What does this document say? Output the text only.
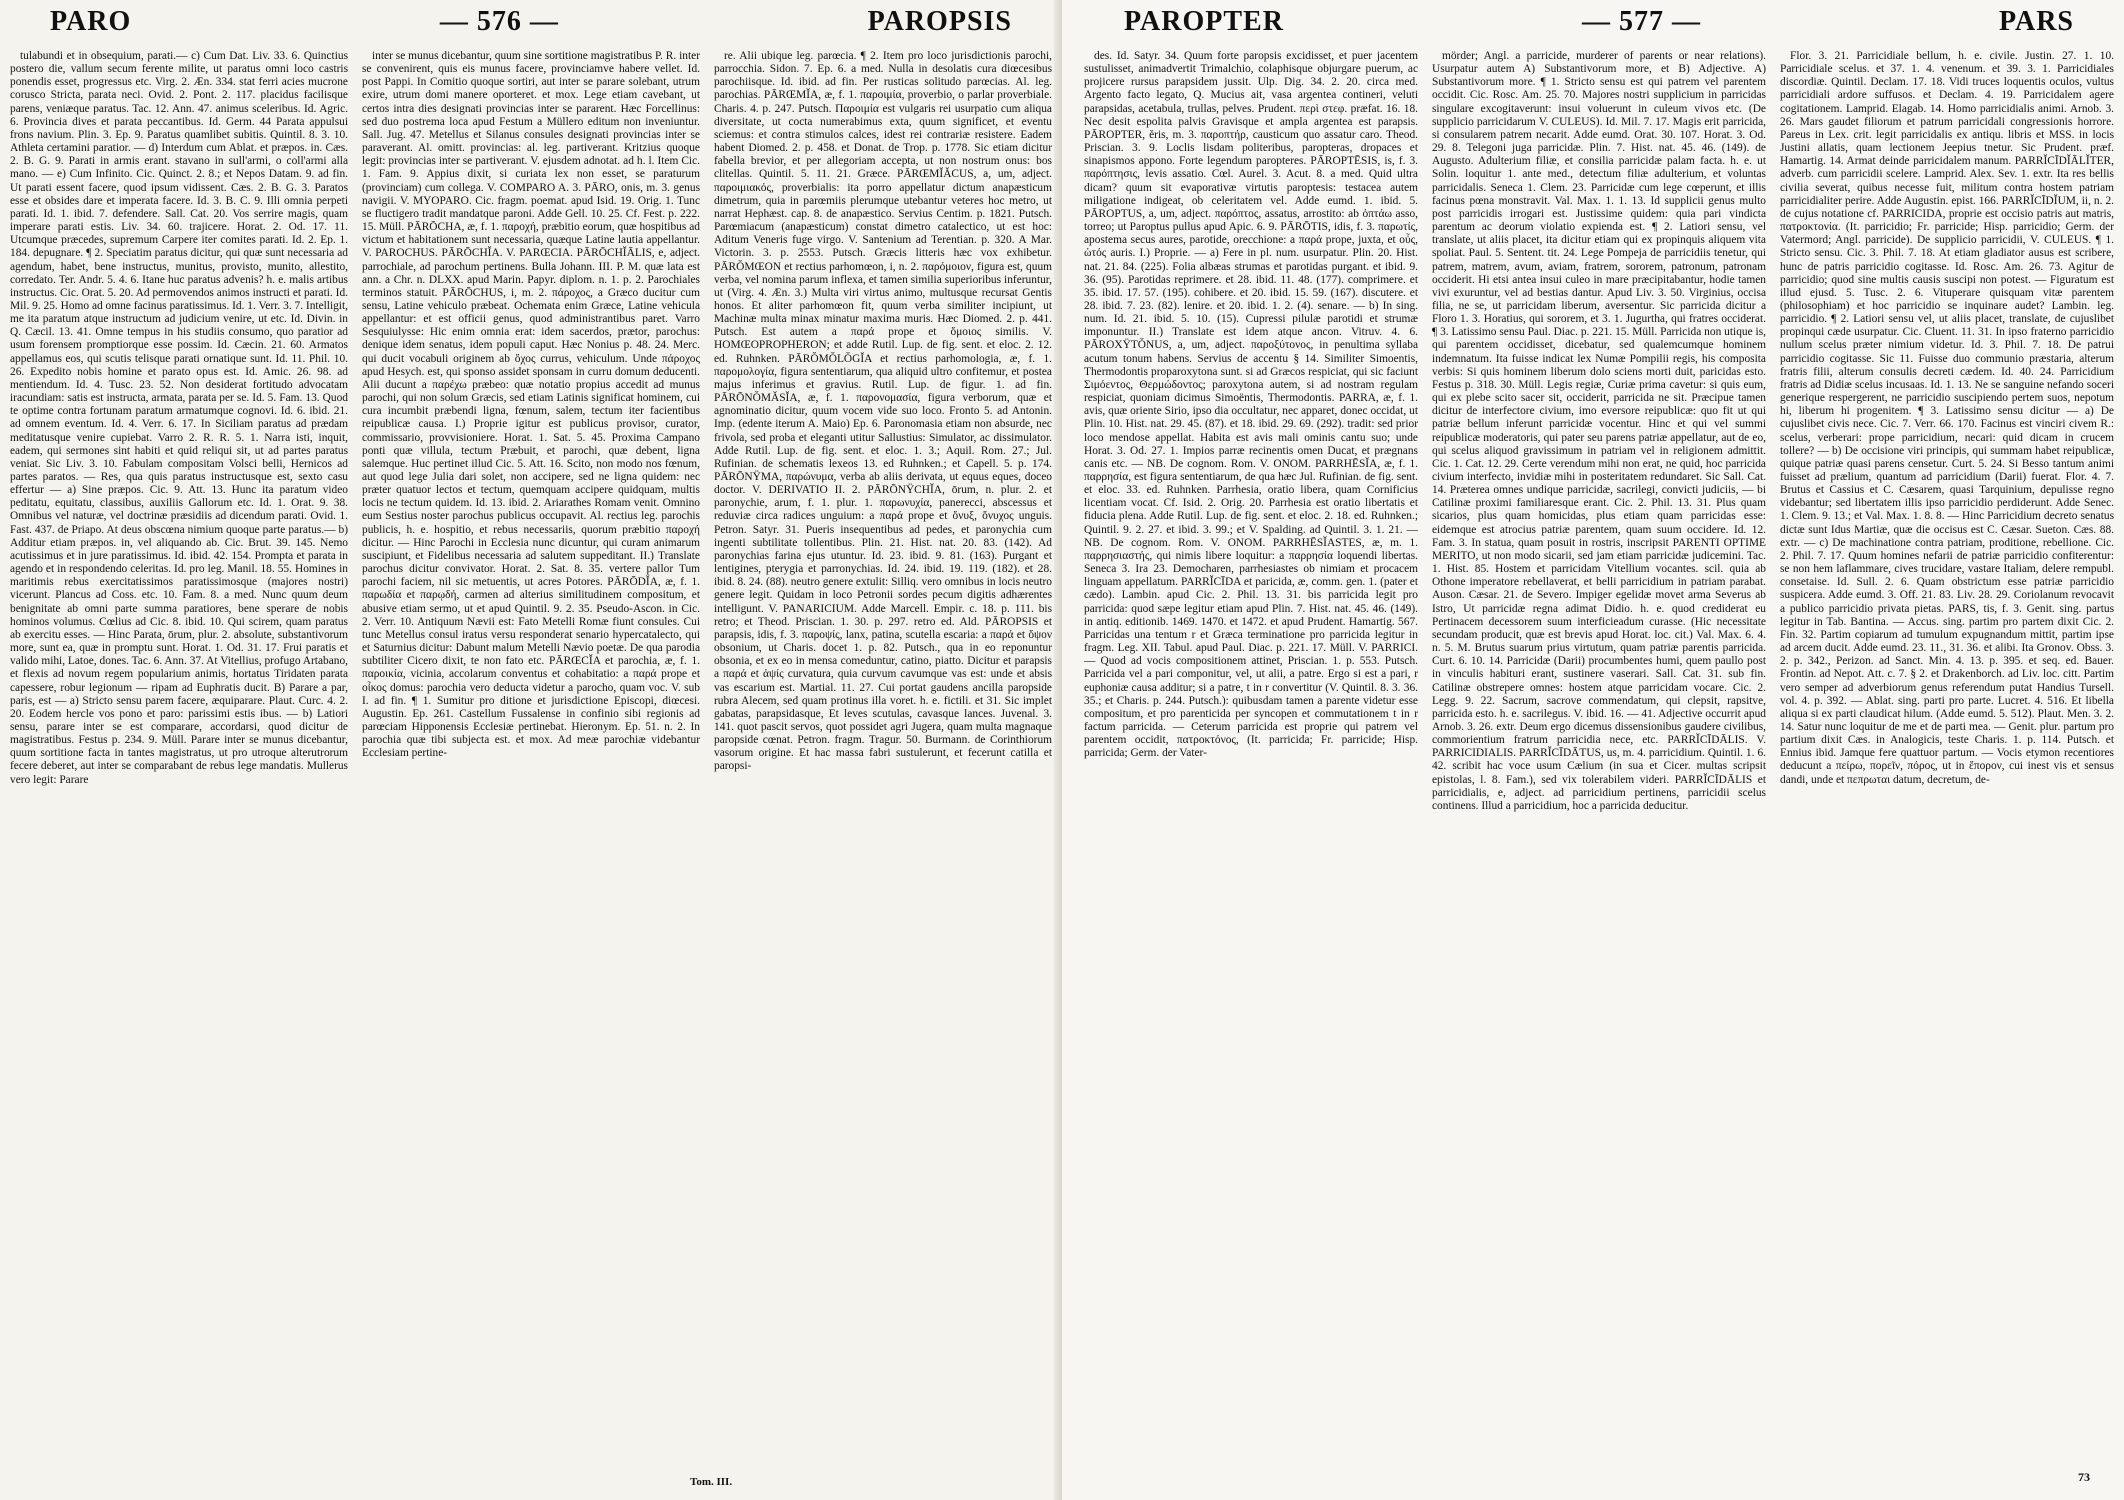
PARO	— 576 —	PAROPSIS

tulabundi et in obsequium, parati.— c) Cum Dat. Liv. 33. 6. Quinctius postero die, vallum secum ferente milite, ut paratus omni loco castris ponendis esset, progressus etc. Virg. 2. Æn. 334. stat ferri acies mucrone corusco Stricta, parata neci. Ovid. 2. Pont. 2. 117. placidus facilisque parens, veniæque paratus. Tac. 12. Ann. 47. animus sceleribus. Id. Agric. 6. Provincia dives et parata peccantibus. Id. Germ. 44 Parata appulsui frons navium. Plin. 3. Ep. 9. Paratus quamlibet subitis. Quintil. 8. 3. 10. Athleta certamini paratior. — d) Interdum cum Ablat. et præpos. in. Cæs. 2. B. G. 9. Parati in armis erant. stavano in sull'armi, o coll'armi alla mano. — e) Cum Infinito. Cic. Quinct. 2. 8.; et Nepos Datam. 9. ad fin. Ut parati essent facere, quod ipsum vidissent. Cæs. 2. B. G. 3. Paratos esse et obsides dare et imperata facere. Id. 3. B. C. 9. Illi omnia perpeti parati. Id. 1. ibid. 7. defendere. Sall. Cat. 20. Vos serrire magis, quam imperare parati estis. Liv. 34. 60. trajicere. Horat. 2. Od. 17. 11. Utcumque præcedes, supremum Carpere iter comites parati. Id. 2. Ep. 1. 184. depugnare. ¶ 2. Speciatim paratus dicitur, qui quæ sunt necessaria ad agendum, habet, bene instructus, munitus, provisto, munito, allestito, corredato. Ter. Andr. 5. 4. 6. Itane huc paratus advenis? h. e. malis artibus instructus. Cic. Orat. 5. 20. Ad permovendos animos instructi et parati. Id. Mil. 9. 25. Homo ad omne facinus paratissimus. Id. 1. Verr. 3. 7. Intelligit, me ita paratum atque instructum ad judicium venire, ut etc. Id. Divin. in Q. Cæcil. 13. 41. Omne tempus in his studiis consumo, quo paratior ad usum forensem promptiorque esse possim. Id. Cæcin. 21. 60. Armatos appellamus eos, qui scutis telisque parati ornatique sunt. Id. 11. Phil. 10. 26. Expedito nobis homine et parato opus est. Id. Amic. 26. 98. ad mentiendum. Id. 4. Tusc. 23. 52. Non desiderat fortitudo advocatam iracundiam: satis est instructa, armata, parata per se. Id. 5. Fam. 13. Quod te optime contra fortunam paratum armatumque cognovi. Id. 6. ibid. 21. ad omnem eventum. Id. 4. Verr. 6. 17. In Siciliam paratus ad prædam meditatusque venire cupiebat. Varro 2. R. R. 5. 1. Narra isti, inquit, eadem, qui sermones sint habiti et quid reliqui sit, ut ad partes paratus veniat. Sic Liv. 3. 10. Fabulam compositam Volsci belli, Hernicos ad partes paratos. — Res, qua quis paratus instructusque est, sexto casu effertur — a) Sine præpos. Cic. 9. Att. 13. Hunc ita paratum video peditatu, equitatu, classibus, auxiliis Gallorum etc. Id. 1. Orat. 9. 38. Omnibus vel naturæ, vel doctrinæ præsidiis ad dicendum parati. Ovid. 1. Fast. 437. de Priapo. At deus obscœna nimium quoque parte paratus.— b) Additur etiam præpos. in, vel aliquando ab. Cic. Brut. 39. 145. Nemo acutissimus et in jure paratissimus. Id. ibid. 42. 154. Prompta et parata in agendo et in respondendo celeritas. Id. pro leg. Manil. 18. 55. Homines in maritimis rebus exercitatissimos paratissimosque (majores nostri) vicerunt. Plancus ad Coss. etc. 10. Fam. 8. a med. Nunc quum deum benignitate ab omni parte summa paratiores, bene sperare de nobis hominos volumus. Cœlius ad Cic. 8. ibid. 10. Qui scirem, quam paratus ab exercitu esses. — Hinc Parata, ōrum, plur. 2. absolute, substantivorum more, sunt ea, quæ in promptu sunt. Horat. 1. Od. 31. 17. Frui paratis et valido mihi, Latoe, dones. Tac. 6. Ann. 37. At Vitellius, profugo Artabano, et flexis ad novum regem popularium animis, hortatus Tiridaten parata capessere, robur legionum — ripam ad Euphratis ducit. B) Parare a par, paris, est — a) Stricto sensu parem facere, æquiparare. Plaut. Curc. 4. 2. 20. Eodem hercle vos pono et paro: parissimi estis ibus. — b) Latiori sensu, parare inter se est comparare, accordarsi, quod dicitur de magistratibus. Festus p. 234. 9. Müll. Parare inter se munus dicebantur, quum sortitione facta in tantes magistratus, ut pro utroque alterutrorum fecere deberet, aut inter se comparabant de rebus lege mandatis. Mullerus vero legit: Parare

inter se munus dicebantur, quum sine sortitione magistratibus P. R. inter se convenirent, quis eis munus facere, provinciamve habere vellet. Id. post Pappi. In Comitio quoque sortiri, aut inter se parare solebant, utrum exire, utrum domi manere oporteret. et mox. Lege etiam cavebant, ut certos intra dies designati provincias inter se pararent. Hæc Forcellinus: sed duo postrema loca apud Festum a Müllero editum non inveniuntur. Sall. Jug. 47. Metellus et Silanus consules designati provincias inter se paraverant. Al. omitt. provincias: al. leg. partiverant. Kritzius quoque legit: provincias inter se partiverant. V. ejusdem adnotat. ad h. l. Item Cic. 1. Fam. 9. Appius dixit, si curiata lex non esset, se paraturum (provinciam) cum collega. V. COMPARO A. 3. PĀRO, onis, m. 3. genus navigii. V. MYOPARO. Cic. fragm. poemat. apud Isid. 19. Orig. 1. Tunc se fluctigero tradit mandatque paroni. Adde Gell. 10. 25. Cf. Fest. p. 222. 15. Müll. PĀRŌCHA, æ, f. 1. παροχή, præbitio eorum, quæ hospitibus ad victum et habitationem sunt necessaria, quæque Latine lautia appellantur. V. PAROCHUS. PĀRŌCHĬA. V. PARŒCIA. PĀRŌCHĬĀLIS, e, adject. parrochiale, ad parochum pertinens. Bulla Johann. III. P. M. quæ lata est ann. a Chr. n. DLXX. apud Marin. Papyr. diplom. n. 1. p. 2. Parochiales terminos statuit. PĀRŌCHUS, i, m. 2. πάροχος, a Græco ducitur cum sensu, Latine vehiculo præbeat. Ochemata enim Græce, Latine vehicula appellantur: et est officii genus, quod administrantibus paret. Varro Sesquiulysse: Hic enim omnia erat: idem sacerdos, prætor, parochus: denique idem senatus, idem populi caput. Hæc Nonius p. 48. 24. Merc. qui ducit vocabuli originem ab ὄχος currus, vehiculum. Unde πάροχος apud Hesych. est, qui sponso assidet sponsam in curru domum deducenti. Alii ducunt a παρέχω præbeo: quæ notatio propius accedit ad munus parochi, qui non solum Græcis, sed etiam Latinis significat hominem, cui cura incumbit præbendi ligna, fœnum, salem, tectum iter facientibus reipublicæ causa. I.) Proprie igitur est publicus provisor, curator, commissario, provvisioniere. Horat. 1. Sat. 5. 45. Proxima Campano ponti quæ villula, tectum Præbuit, et parochi, quæ debent, ligna salemque. Huc pertinet illud Cic. 5. Att. 16. Scito, non modo nos fœnum, aut quod lege Julia dari solet, non accipere, sed ne ligna quidem: nec præter quatuor lectos et tectum, quemquam accipere quidquam, multis locis ne tectum quidem. Id. 13. ibid. 2. Ariarathes Romam venit. Omnino eum Sestius noster parochus publicus occupavit. Al. rectius leg. parochis publicis, h. e. hospitio, et rebus necessariis, quorum præbitio παροχή dicitur. — Hinc Parochi in Ecclesia nunc dicuntur, qui curam animarum suscipiunt, et Fidelibus necessaria ad salutem suppeditant. II.) Translate parochus dicitur convivator. Horat. 2. Sat. 8. 35. vertere pallor Tum parochi faciem, nil sic metuentis, ut acres Potores. PĀRŌDĬA, æ, f. 1. παρωδία et παρῳδή, carmen ad alterius similitudinem compositum, et abusive etiam sermo, ut et apud Quintil. 9. 2. 35. Pseudo-Ascon. in Cic. 2. Verr. 10. Antiquum Nævii est: Fato Metelli Romæ fiunt consules. Cui tunc Metellus consul iratus versu responderat senario hypercatalecto, qui et Saturnius dicitur: Dabunt malum Metelli Nævio poetæ. De qua parodia subtiliter Cicero dixit, te non fato etc. PĀRŒCĬA et parochia, æ, f. 1. παροικία, vicinia, accolarum conventus et cohabitatio: a παρά prope et οἶκος domus: parochia vero deducta videtur a parocho, quam voc. V. sub I. ad fin. ¶ 1. Sumitur pro ditione et jurisdictione Episcopi, diœcesi. Augustin. Ep. 261. Castellum Fussalense in confinio sibi regionis ad parœciam Hipponensis Ecclesiæ pertinebat. Hieronym. Ep. 51. n. 2. In parochia quæ tibi subjecta est. et mox. Ad meæ parochiæ videbantur Ecclesiam pertine-

re. Alii ubique leg. parœcia. ¶ 2. Item pro loco jurisdictionis parochi, parrocchia. Sidon. 7. Ep. 6. a med. Nulla in desolatis cura diœcesibus parochiisque. Id. ibid. ad fin. Per rusticas solitudo parœcias. Al. leg. parochias. PĀRŒMĬA, æ, f. 1. παροιμία, proverbio, o parlar proverbiale. Charis. 4. p. 247. Putsch. Παροιμία est vulgaris rei usurpatio cum aliqua diversitate, ut cocta numerabimus exta, quum significet, et eventu sciemus: et contra stimulos calces, idest rei contrariæ resistere. Eadem habent Diomed. 2. p. 458. et Donat. de Trop. p. 1778. Sic etiam dicitur fabella brevior, et per allegoriam accepta, ut non nostrum onus: bos clitellas. Quintil. 5. 11. 21. Græce. PĀRŒMĬĂCUS, a, um, adject. παροιμιακός, proverbialis: ita porro appellatur dictum anapæsticum dimetrum, quia in parœmiis plerumque utebantur veteres hoc metro, ut narrat Hephæst. cap. 8. de anapæstico. Servius Centim. p. 1821. Putsch. Parœmiacum (anapæsticum) constat dimetro catalectico, ut est hoc: Aditum Veneris fuge virgo. V. Santenium ad Terentian. p. 320. A Mar. Victorin. 3. p. 2553. Putsch. Græcis litteris hæc vox exhibetur. PĀRŎMŒON et rectius parhomœon, i, n. 2. παρόμοιον, figura est, quum verba, vel nomina parum inflexa, et tamen similia superioribus inferuntur, ut (Virg. 4. Æn. 3.) Multa viri virtus animo, multusque recursat Gentis honos. Et aliter parhomœon fit, quum verba similiter incipiunt, ut Machinæ multa minax minatur maxima muris. Hæc Diomed. 2. p. 441. Putsch. Est autem a παρά prope et ὅμοιος similis. V. HOMŒOPROPHERON; et adde Rutil. Lup. de fig. sent. et eloc. 2. 12. ed. Ruhnken. PĀRŎMŎLŎGĬA et rectius parhomologia, æ, f. 1. παρομολογία, figura sententiarum, qua aliquid ultro confitemur, et postea majus inferimus et gravius. Rutil. Lup. de figur. 1. ad fin. PĀRŌNŎMĂSĬA, æ, f. 1. παρονομασία, figura verborum, quæ et agnominatio dicitur, quum vocem vide suo loco. Fronto 5. ad Antonin. Imp. (edente iterum A. Maio) Ep. 6. Paronomasia etiam non absurde, nec frivola, sed proba et eleganti utitur Sallustius: Simulator, ac dissimulator. Adde Rutil. Lup. de fig. sent. et eloc. 1. 3.; Aquil. Rom. 27.; Jul. Rufinian. de schematis lexeos 13. ed Ruhnken.; et Capell. 5. p. 174. PĀRŌNŸMA, παρώνυμα, verba ab aliis derivata, ut equus eques, doceo doctor. V. DERIVATIO II. 2. PĀRŌNŸCHĬA, ōrum, n. plur. 2. et paronychie, arum, f. 1. plur. 1. παρωνυχία, panerecci, abscessus et reduviæ circa radices unguium: a παρά prope et ὄνυξ, ὄνυχος unguis. Petron. Satyr. 31. Pueris insequentibus ad pedes, et paronychia cum ingenti subtilitate tollentibus. Plin. 21. Hist. nat. 20. 83. (142). Ad paronychias farina ejus utuntur. Id. 23. ibid. 9. 81. (163). Purgant et lentigines, pterygia et parronychias. Id. 24. ibid. 19. 119. (182). et 28. ibid. 8. 24. (88). neutro genere extulit: Silliq. vero omnibus in locis neutro genere legit. Quidam in loco Petronii sordes pecum digitis adhærentes intelligunt. V. PANARICIUM. Adde Marcell. Empir. c. 18. p. 111. bis retro; et Theod. Priscian. 1. 30. p. 297. retro ed. Ald. PĀROPSIS et parapsis, idis, f. 3. παροψίς, lanx, patina, scutella escaria: a παρά et ὄψον obsonium, ut Charis. docet 1. p. 82. Putsch., qua in eo reponuntur obsonia, et ex eo in mensa comeduntur, catino, piatto. Dicitur et parapsis a παρά et ἀψίς curvatura, quia curvum cavumque vas est: unde et absis vas escarium est. Martial. 11. 27. Cui portat gaudens ancilla paropside rubra Alecem, sed quam protinus illa voret. h. e. fictili. et 31. Sic implet gabatas, parapsidasque, Et leves scutulas, cavasque lances. Juvenal. 3. 141. quot pascit servos, quot possidet agri Jugera, quam multa magnaque paropside cœnat. Petron. fragm. Tragur. 50. Burmann. de Corinthiorum vasorum origine. Et hac massa fabri sustulerunt, et fecerunt catilla et paropsi-

PAROPTER	— 577 —	PARS

des. Id. Satyr. 34. Quum forte paropsis excidisset, et puer jacentem sustulisset, animadvertit Trimalchio, colaphisque objurgare puerum, ac projicere rursus parapsidem jussit. Ulp. Dig. 34. 2. 20. circa med. Argento facto legato, Q. Mucius ait, vasa argentea contineri, veluti parapsidas, acetabula, trullas, pelves. Prudent. περὶ στεφ. præfat. 16. 18. Nec desit espolita palvis Gravisque et ampla argentea est parapsis. PĀROPTER, ĕris, m. 3. παροπτήρ, causticum quo assatur caro. Theod. Priscian. 3. 9. Loclis lisdam politeribus, paropteras, dropaces et sinapismos appono. Forte legendum paropteres. PĀROPTĒSIS, is, f. 3. παρόπτησις, levis assatio. Cœl. Aurel. 3. Acut. 8. a med. Quid ultra dicam? quum sit evaporativæ virtutis paroptesis: testacea autem miligatione indigeat, ob celeritatem vel. Adde eumd. 1. ibid. 5. PĀROPTUS, a, um, adject. παρόπτος, assatus, arrostito: ab ὀπτάω asso, torreo; ut Paroptus pullus apud Apic. 6. 9. PĀRŌTIS, idis, f. 3. παρωτίς, apostema secus aures, parotide, orecchione: a παρά prope, juxta, et οὖς, ὠτός auris. I.) Proprie. — a) Fere in pl. num. usurpatur. Plin. 20. Hist. nat. 21. 84. (225). Folia albæas strumas et parotidas purgant. et ibid. 9. 36. (95). Parotidas reprimere. et 28. ibid. 11. 48. (177). comprimere. et 35. ibid. 17. 57. (195). cohibere. et 20. ibid. 15. 59. (167). discutere. et 28. ibid. 7. 23. (82). lenire. et 20. ibid. 1. 2. (4). senare. — b) In sing. num. Id. 21. ibid. 5. 10. (15). Cupressi pilulæ parotidi et strumæ imponuntur. II.) Translate est idem atque ancon. Vitruv. 4. 6. PĀROXŸTŎNUS, a, um, adject. παροξύτονος, in penultima syllaba acutum tonum habens. Servius de accentu § 14. Similiter Simoentis, Thermodontis proparoxytona sunt. si ad Græcos respiciat, qui sic faciunt Σιμόεντος, Θερμώδοντος; paroxytona autem, si ad nostram regulam respiciat, quoniam dicimus Simoëntis, Thermodontis. PARRA, æ, f. 1. avis, quæ oriente Sirio, ipso dia occultatur, nec apparet, donec occidat, ut Plin. 10. Hist. nat. 29. 45. (87). et 18. ibid. 29. 69. (292). tradit: sed prior loco mendose appellat. Habita est avis mali ominis cantu suo; unde Horat. 3. Od. 27. 1. Impios parræ recinentis omen Ducat, et prægnans canis etc. — NB. De cognom. Rom. V. ONOM. PARRHĒSĬA, æ, f. 1. παρρησία, est figura sententiarum, de qua hæc Jul. Rufinian. de fig. sent. et eloc. 33. ed. Ruhnken. Parrhesia, oratio libera, quam Cornificius licentiam vocat. Cf. Isid. 2. Orig. 20. Parrhesia est oratio libertatis et fiducia plena. Adde Rutil. Lup. de fig. sent. et eloc. 2. 18. ed. Ruhnken.; Quintil. 9. 2. 27. et ibid. 3. 99.; et V. Spalding. ad Quintil. 3. 1. 21. — NB. De cognom. Rom. V. ONOM. PARRHĒSĬASTES, æ, m. 1. παρρησιαστής, qui nimis libere loquitur: a παρρησία loquendi libertas. Seneca 3. Ira 23. Democharen, parrhesiastes ob nimiam et procacem linguam appellatum. PARRĬCĪDA et paricida, æ, comm. gen. 1. (pater et cædo). Lambin. apud Cic. 2. Phil. 13. 31. bis parricida legit pro parricida: quod sæpe legitur etiam apud Plin. 7. Hist. nat. 45. 46. (149). in antiq. editionib. 1469. 1470. et 1472. et apud Prudent. Hamartig. 567. Parricidas una tentum r et Græca terminatione pro parricida legitur in fragm. Leg. XII. Tabul. apud Paul. Diac. p. 221. 17. Müll. V. PARRICI. — Quod ad vocis compositionem attinet, Priscian. 1. p. 553. Putsch. Parricida vel a pari componitur, vel, ut alii, a patre. Ergo si est a pari, r euphoniæ causa additur; si a patre, t in r convertitur (V. Quintil. 8. 3. 36. 35.; et Charis. p. 244. Putsch.): quibusdam tamen a parente videtur esse compositum, et pro parenticida per syncopen et commutationem t in r factum parricida. — Ceterum parricida est proprie qui patrem vel parentem occidit, πατροκτόνος, (It. parricida; Fr. parricide; Hisp. parricida; Germ. der Vater-

mörder; Angl. a parricide, murderer of parents or near relations). Usurpatur autem A) Substantivorum more, et B) Adjective. A) Substantivorum more. ¶ 1. Stricto sensu est qui patrem vel parentem occidit. Cic. Rosc. Am. 25. 70. Majores nostri supplicium in parricidas singulare excogitaverunt: insui voluerunt in culeum vivos etc. (De supplicio parricidarum V. CULEUS). Id. Mil. 7. 17. Magis erit parricida, si consularem patrem necarit. Adde eumd. Orat. 30. 107. Horat. 3. Od. 29. 8. Telegoni juga parricidæ. Plin. 7. Hist. nat. 45. 46. (149). de Augusto. Adulterium filiæ, et consilia parricidæ palam facta. h. e. ut Solin. loquitur 1. ante med., detectum filiæ adulterium, et voluntas parricidalis. Seneca 1. Clem. 23. Parricidæ cum lege cœperunt, et illis facinus pœna monstravit. Val. Max. 1. 1. 13. Id supplicii genus multo post parricidis irrogari est. Justissime quidem: quia pari vindicta parentum ac deorum violatio expienda est. ¶ 2. Latiori sensu, vel translate, ut aliis placet, ita dicitur etiam qui ex propinquis aliquem vita spoliat. Paul. 5. Sentent. tit. 24. Lege Pompeja de parricidiis tenetur, qui patrem, matrem, avum, aviam, fratrem, sororem, patronum, patronam occiderit. Hi etsi antea insui culeo in mare præcipitabantur, hodie tamen vivi exuruntur, vel ad bestias dantur. Apud Liv. 3. 50. Virginius, occisa filia, ne se, ut parricidam liberum, aversentur. Sic parricida dicitur a Floro 1. 3. Horatius, qui sororem, et 3. 1. Jugurtha, qui fratres occiderat. ¶ 3. Latissimo sensu Paul. Diac. p. 221. 15. Müll. Parricida non utique is, qui parentem occidisset, dicebatur, sed qualemcumque hominem indemnatum. Ita fuisse indicat lex Numæ Pompilii regis, his composita verbis: Si quis hominem liberum dolo sciens morti duit, paricidas esto. Festus p. 318. 30. Müll. Legis regiæ, Curiæ prima cavetur: si quis eum, qui ex plebe scito sacer sit, occiderit, parricida ne sit. Præcipue tamen dicitur de interfectore civium, imo eversore reipublicæ: quo fit ut qui patriæ bellum inferunt parricidæ vocentur. Hinc et qui vel summi reipublicæ moderatoris, qui pater seu parens patriæ appellatur, aut de eo, qui scelus aliquod gravissimum in patriam vel in religionem admittit. Cic. 1. Cat. 12. 29. Certe verendum mihi non erat, ne quid, hoc parricida civium interfecto, invidiæ mihi in posteritatem redundaret. Sic Sall. Cat. 14. Præterea omnes undique parricidæ, sacrilegi, convicti judiciis, — bi Catilinæ proximi familiaresque erant. Cic. 2. Phil. 13. 31. Plus quam sicarios, plus quam homicidas, plus etiam quam parricidas esse: eidemque est atrocius patriæ parentem, quam suum occidere. Id. 12. Fam. 3. In statua, quam posuit in rostris, inscripsit PARENTI OPTIME MERITO, ut non modo sicarii, sed jam etiam parricidæ judicemini. Tac. 1. Hist. 85. Hostem et parricidam Vitellium vocantes. scil. quia ab Othone imperatore rebellaverat, et belli parricidium in patriam parabat. Auson. Cæsar. 21. de Severo. Impiger egelidæ movet arma Severus ab Istro, Ut parricidæ regna adimat Didio. h. e. quod crediderat eu Pertinacem decessorem suum interficieadum curasse. (Hic necessitate secundam producit, quæ est brevis apud Horat. loc. cit.) Val. Max. 6. 4. n. 5. M. Brutus suarum prius virtutum, quam patriæ parentis parricida. Curt. 6. 10. 14. Parricidæ (Darii) procumbentes humi, quem paullo post in vinculis habituri erant, sustinere vaserari. Sall. Cat. 31. sub fin. Catilinæ obstrepere omnes: hostem atque parricidam vocare. Cic. 2. Legg. 9. 22. Sacrum, sacrove commendatum, qui clepsit, rapsitve, parricida esto. h. e. sacrilegus. V. ibid. 16. — 41. Adjective occurrit apud Arnob. 3. 26. extr. Deum ergo dicemus dissensionibus gaudere civilibus, commorientium fratrum parricidia nece, etc. PARRĬCĪDĀLIS. V. PARRICIDIALIS. PARRĬCĪDĀTUS, us, m. 4. parricidium. Quintil. 1. 6. 42. scribit hac voce usum Cælium (in sua et Cicer. multas scripsit epistolas, l. 8. Fam.), sed vix tolerabilem videri. PARRĬCĪDĀLIS et parricidialis, e, adject. ad parricidium pertinens, parricidii scelus continens. Illud a parricidium, hoc a parricida deducitur.

Flor. 3. 21. Parricidiale bellum, h. e. civile. Justin. 27. 1. 10. Parricidiale scelus. et 37. 1. 4. venenum. et 39. 3. 1. Parricidiales discordiæ. Quintil. Declam. 17. 18. Vidi truces loquentis oculos, vultus parricidiali ardore suffusos. et Declam. 4. 19. Parricidalem agere cogitationem. Lamprid. Elagab. 14. Homo parricidialis animi. Arnob. 3. 26. Mars gaudet filiorum et patrum parricidali congressionis horrore. Pareus in Lex. crit. legit parricidalis ex antiqu. libris et MSS. in locis Justini allatis, quam lectionem Jeepius tnetur. Sic Prudent. præf. Hamartig. 14. Armat deinde parricidalem manum. PARRĬCĪDĬĀLĬTER, adverb. cum parricidii scelere. Lamprid. Alex. Sev. 1. extr. Ita res bellis civilia severat, quibus necesse fuit, militum contra hostem patriam parricidialiter perire. Adde Augustin. epist. 166. PARRĬCĪDĬUM, ii, n. 2. de cujus notatione cf. PARRICIDA, proprie est occisio patris aut matris, πατροκτονία. (It. parricidio; Fr. parricide; Hisp. parricidio; Germ. der Vatermord; Angl. parricide). De supplicio parricidii, V. CULEUS. ¶ 1. Stricto sensu. Cic. 3. Phil. 7. 18. At etiam gladiator ausus est scribere, hunc de patris parricidio cogitasse. Id. Rosc. Am. 26. 73. Agitur de parricidio; quod sine multis causis suscipi non potest. — Figuratum est illud ejusd. 5. Tusc. 2. 6. Vituperare quisquam vitæ parentem (philosophiam) et hoc parricidio se inquinare audet? Lambin. leg. parricidio. ¶ 2. Latiori sensu vel, ut aliis placet, translate, de cujuslibet propinqui cæde usurpatur. Cic. Cluent. 11. 31. In ipso fraterno parricidio nullum scelus præter nimium videtur. Id. 3. Phil. 7. 18. De patrui parricidio cogitasse. Sic 11. Fuisse duo communio præstaria, alterum fratris filii, alterum consulis decreti cædem. Id. 40. 24. Parricidium fratris ad Didiæ scelus incusaas. Id. 1. 13. Ne se sanguine nefando soceri generique respergerent, ne parricidio suscipiendo pertem suos, nepotum hi, liberum hi progenitem. ¶ 3. Latissimo sensu dicitur — a) De cujuslibet civis nece. Cic. 7. Verr. 66. 170. Facinus est vinciri civem R.: scelus, verberari: prope parricidium, necari: quid dicam in crucem tollere? — b) De occisione viri principis, qui summam habet reipublicæ, quique patriæ quasi parens censetur. Curt. 5. 24. Si Besso tantum animi fuisset ad prælium, quantum ad parricidium (Darii) fuerat. Flor. 4. 7. Brutus et Cassius et C. Cæsarem, quasi Tarquinium, depulisse regno videbantur; sed libertatem illis ipso parricidio perdiderunt. Adde Senec. 1. Clem. 9. 13.; et Val. Max. 1. 8. 8. — Hinc Parricidium decreto senatus dictæ sunt Idus Martiæ, quæ die occisus est C. Cæsar. Sueton. Cæs. 88. extr. — c) De machinatione contra patriam, proditione, rebellione. Cic. 2. Phil. 7. 17. Quum homines nefarii de patriæ parricidio confiterentur: se non hem laflammare, cives trucidare, vastare Italiam, delere rempubl. consetaise. Id. Sull. 2. 6. Quam obstrictum esse patriæ parricidio suspicera. Adde eumd. 3. Off. 21. 83. Liv. 28. 29. Coriolanum revocavit a publico parricidio privata pietas. PARS, tis, f. 3. Genit. sing. partus legitur in Tab. Bantina. — Accus. sing. partim pro partem dixit Cic. 2. Fin. 32. Partim copiarum ad tumulum expugnandum mittit, partim ipse ad arcem ducit. Adde eumd. 23. 11., 31. 36. et alibi. Ita Gronov. Obss. 3. 2. p. 342., Perizon. ad Sanct. Min. 4. 13. p. 395. et seq. ed. Bauer. Frontin. ad Nepot. Att. c. 7. § 2. et Drakenborch. ad Liv. loc. citt. Partim vero semper ad adverbiorum genus referendum putat Handius Tursell. vol. 4. p. 392. — Ablat. sing. parti pro parte. Lucret. 4. 516. Et libella aliqua si ex parti claudicat hilum. (Adde eumd. 5. 512). Plaut. Men. 3. 2. 14. Satur nunc loquitur de me et de parti mea. — Genit. plur. partum pro partium dixit Cæs. in Analogicis, teste Charis. 1. p. 114. Putsch. et Ennius ibid. Jamque fere quattuor partum. — Vocis etymon recentiores deducunt a πείρω, πορεῖν, πόρος, ut in ἔπορον, cui inest vis et sensus dandi, unde et πεπρωται datum, decretum, de-

Tom. III.	73
